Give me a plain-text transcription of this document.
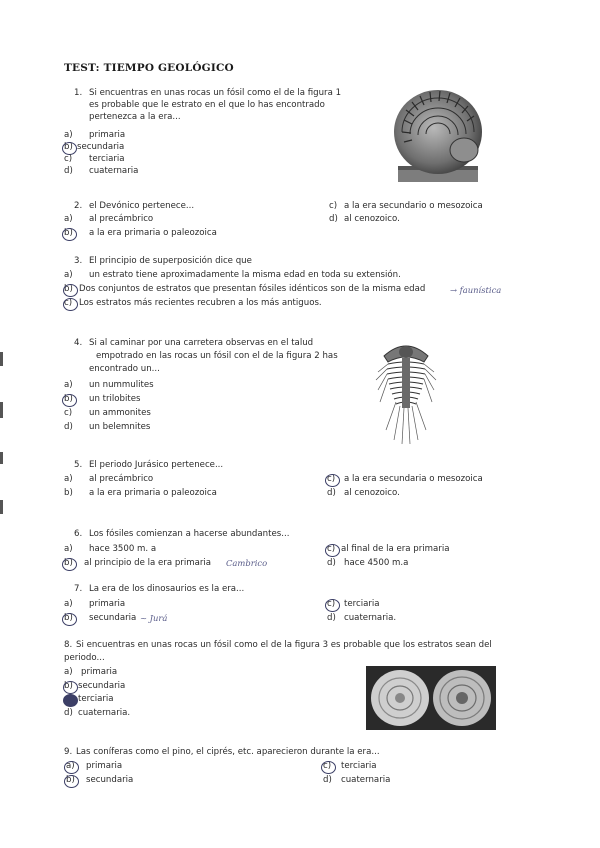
TEST: TIEMPO GEOLÓGICO
1. Si encuentras en unas rocas un fósil como el de la figura 1
es probable que le estrato en el que lo has encontrado
pertenezca a la era...
a) primaria
b) secundaria
c) terciaria
d) cuaternaria
2. el Devónico pertenece...
a) al precámbrico
b) a la era primaria o paleozoica
c) a la era secundario o mesozoica
d) al cenozoico.
3. El principio de superposición dice que
a) un estrato tiene aproximadamente la misma edad en toda su extensión.
b) Dos conjuntos de estratos que presentan fósiles idénticos son de la misma edad	→ faunística
c) Los estratos más recientes recubren a los más antiguos.
4. Si al caminar por una carretera observas en el talud
empotrado en las rocas un fósil con el de la figura 2 has
encontrado un...
a) un nummulites
b) un trilobites
c) un ammonites
d) un belemnites
5. El periodo Jurásico pertenece...
a) al precámbrico
b) a la era primaria o paleozoica
c) a la era secundaria o mesozoica
d) al cenozoico.
6. Los fósiles comienzan a hacerse abundantes...
a) hace 3500 m. a
b) al principio de la era primaria Cambrico
c) al final de la era primaria
d) hace 4500 m.a
7. La era de los dinosaurios es la era...
a) primaria
b) secundaria ~ Jurá
c) terciaria
d) cuaternaria.
8. Si encuentras en unas rocas un fósil como el de la figura 3 es probable que los estratos sean del
periodo...
a) primaria
b) secundaria
terciaria
d) cuaternaria.
9. Las coníferas como el pino, el ciprés, etc. aparecieron durante la era...
a) primaria
b) secundaria
c) terciaria
d) cuaternaria
